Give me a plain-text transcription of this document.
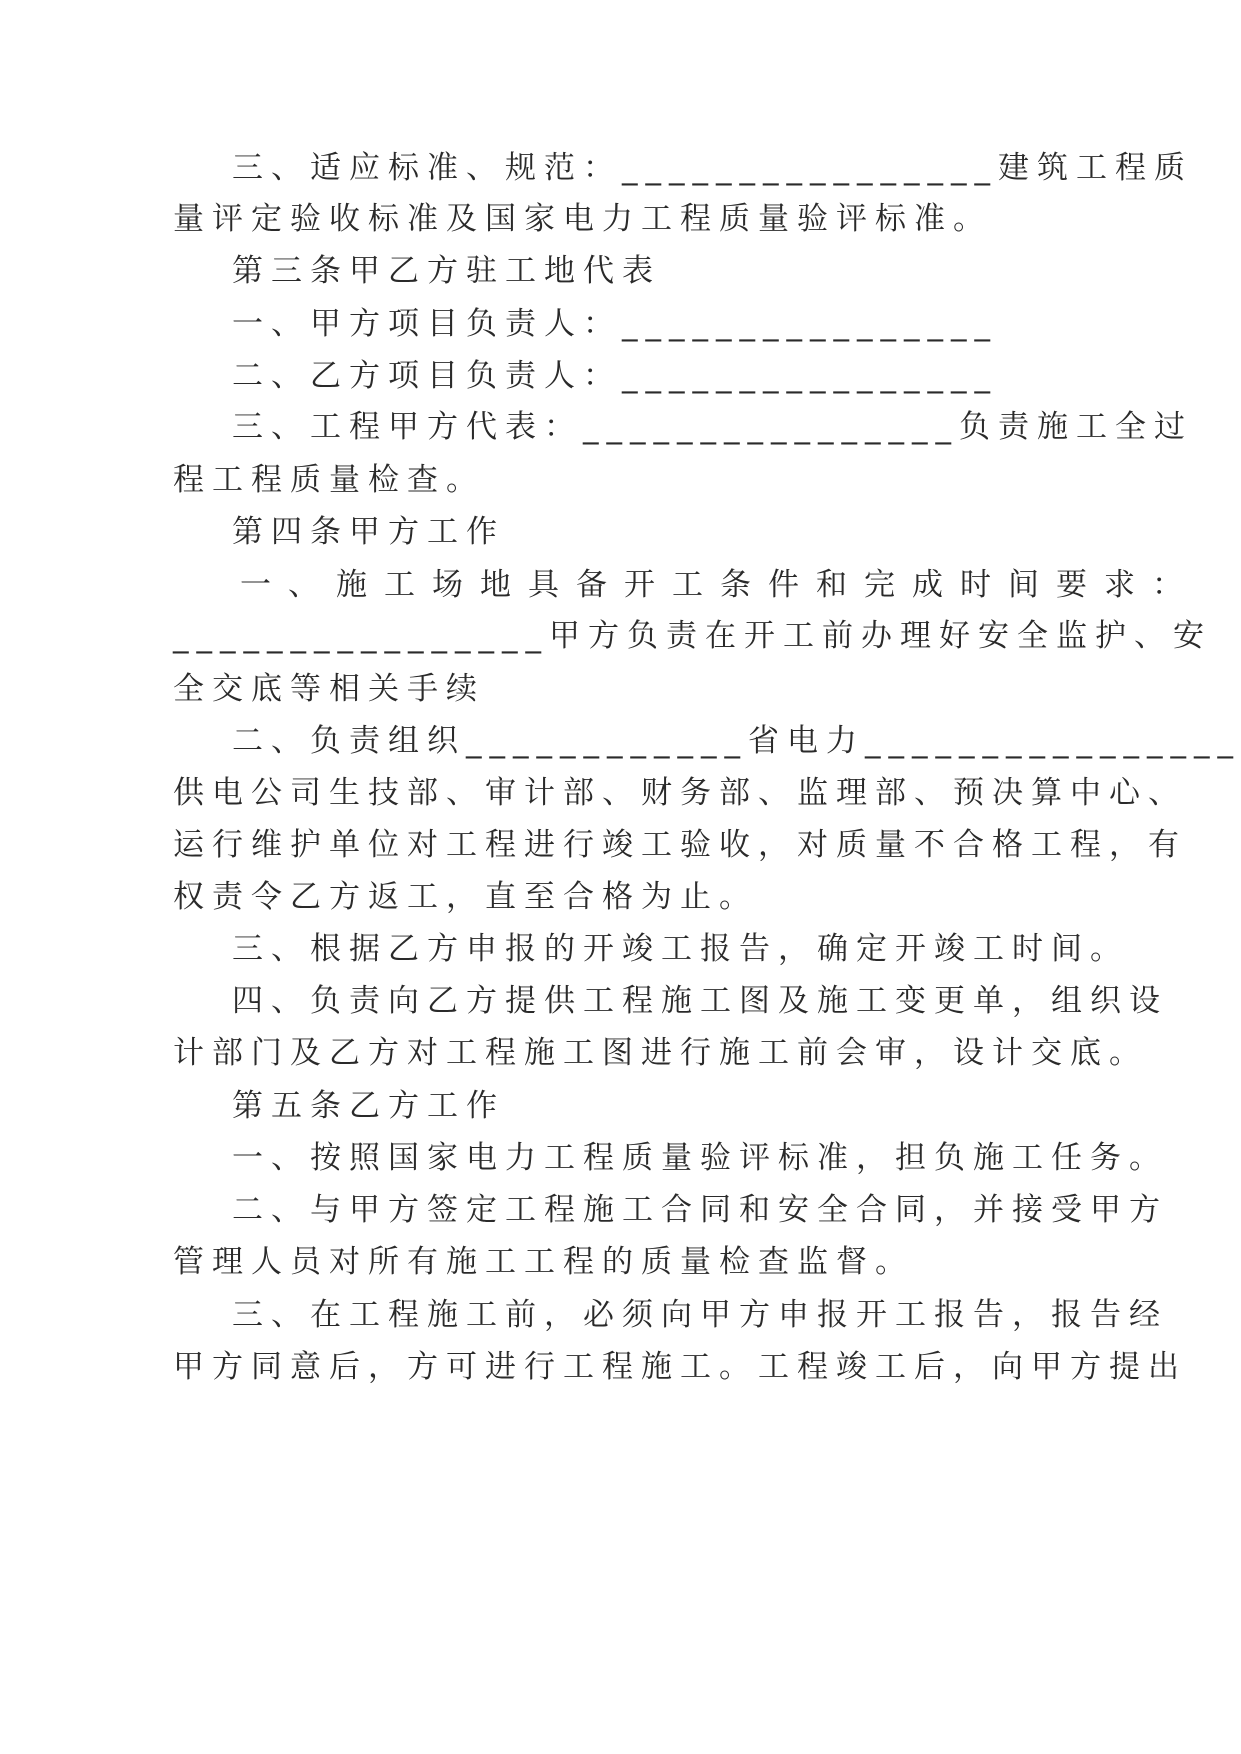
三、适应标准、规范：________________建筑工程质
量评定验收标准及国家电力工程质量验评标准。
第三条甲乙方驻工地代表
一、甲方项目负责人：________________
二、乙方项目负责人：________________
三、工程甲方代表：________________负责施工全过
程工程质量检查。
第四条甲方工作
一、施工场地具备开工条件和完成时间要求：
________________甲方负责在开工前办理好安全监护、安
全交底等相关手续
二、负责组织____________省电力________________
供电公司生技部、审计部、财务部、监理部、预决算中心、
运行维护单位对工程进行竣工验收，对质量不合格工程，有
权责令乙方返工，直至合格为止。
三、根据乙方申报的开竣工报告，确定开竣工时间。
四、负责向乙方提供工程施工图及施工变更单，组织设
计部门及乙方对工程施工图进行施工前会审，设计交底。
第五条乙方工作
一、按照国家电力工程质量验评标准，担负施工任务。
二、与甲方签定工程施工合同和安全合同，并接受甲方
管理人员对所有施工工程的质量检查监督。
三、在工程施工前，必须向甲方申报开工报告，报告经
甲方同意后，方可进行工程施工。工程竣工后，向甲方提出
